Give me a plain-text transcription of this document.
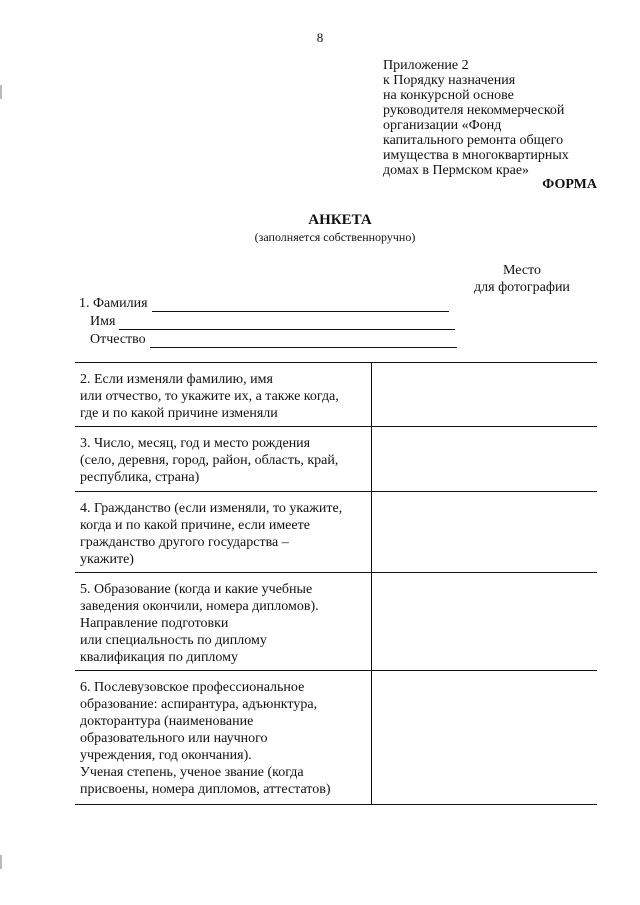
8
Приложение 2
к Порядку назначения
на конкурсной основе
руководителя некоммерческой
организации «Фонд
капитального ремонта общего
имущества в многоквартирных
домах в Пермском крае»
ФОРМА
АНКЕТА
(заполняется собственноручно)
Место
для фотографии
1. Фамилия
Имя
Отчество
2. Если изменяли фамилию, имя
или отчество, то укажите их, а также когда,
где и по какой причине изменяли
3. Число, месяц, год и место рождения
(село, деревня, город, район, область, край,
республика, страна)
4. Гражданство (если изменяли, то укажите,
когда и по какой причине, если имеете
гражданство другого государства –
укажите)
5. Образование (когда и какие учебные
заведения окончили, номера дипломов).
Направление подготовки
или специальность по диплому
квалификация по диплому
6. Послевузовское профессиональное
образование: аспирантура, адъюнктура,
докторантура (наименование
образовательного или научного
учреждения, год окончания).
Ученая степень, ученое звание (когда
присвоены, номера дипломов, аттестатов)
